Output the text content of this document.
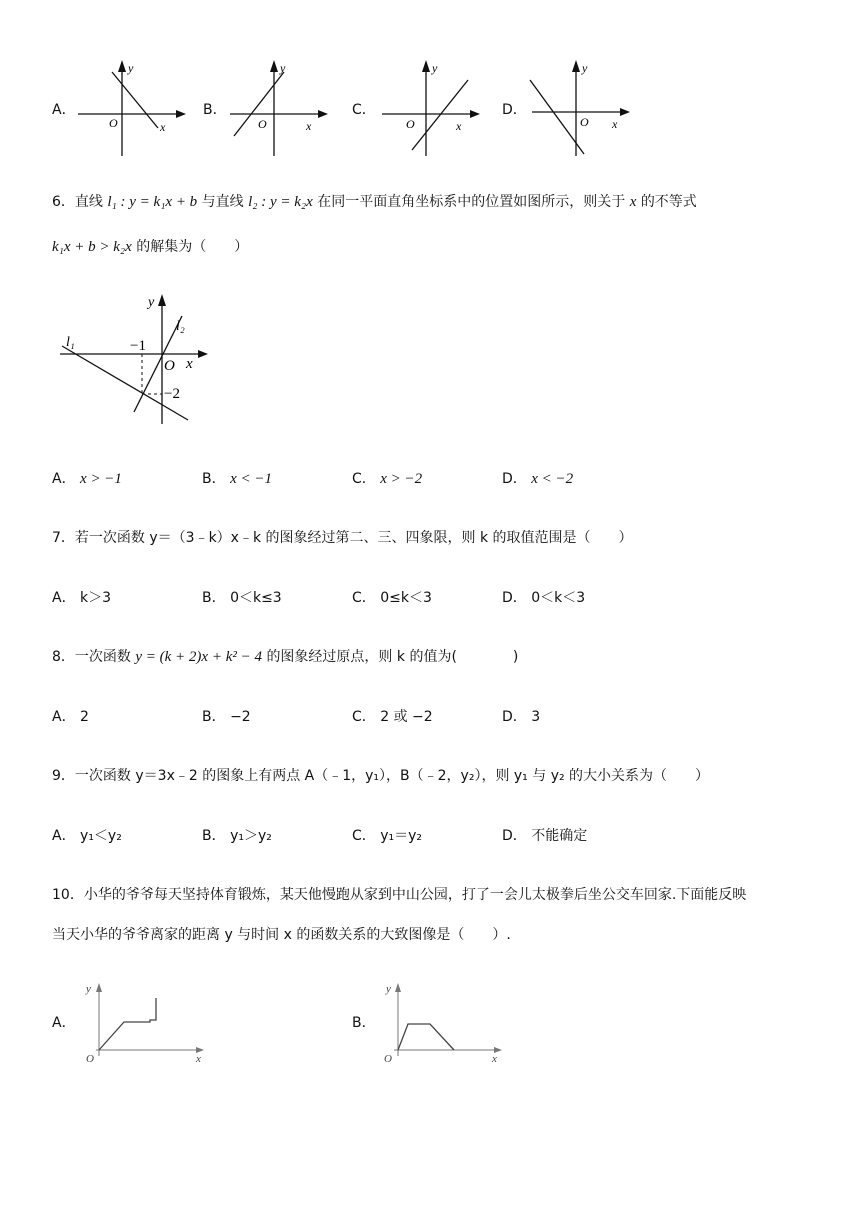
A．
y
O	x
B．
y
O	x
C．
y
O	x
D．
y
O x
6．直线 l₁ : y = k₁x + b 与直线 l₂ : y = k₂x 在同一平面直角坐标系中的位置如图所示，则关于 x 的不等式
k₁x + b > k₂x 的解集为（　　）
y
x
O
l₁
l₂
−1
−2
A． x > −1	B． x < −1	C． x > −2	D． x < −2
7．若一次函数 y＝（3﹣k）x﹣k 的图象经过第二、三、四象限，则 k 的取值范围是（　　）
A． k＞3	B． 0＜k≤3	C． 0≤k＜3	D． 0＜k＜3
8．一次函数 y = (k + 2)x + k² − 4 的图象经过原点，则 k 的值为(　　　　)
A． 2	B． −2	C． 2 或 −2	D． 3
9．一次函数 y＝3x﹣2 的图象上有两点 A（﹣1，y₁），B（﹣2，y₂），则 y₁ 与 y₂ 的大小关系为（　　）
A． y₁＜y₂	B． y₁＞y₂	C． y₁＝y₂	D． 不能确定
10．小华的爷爷每天坚持体育锻炼，某天他慢跑从家到中山公园，打了一会儿太极拳后坐公交车回家.下面能反映
当天小华的爷爷离家的距离 y 与时间 x 的函数关系的大致图像是（　　）.
A．
y
O	x
B．
y
O	x
